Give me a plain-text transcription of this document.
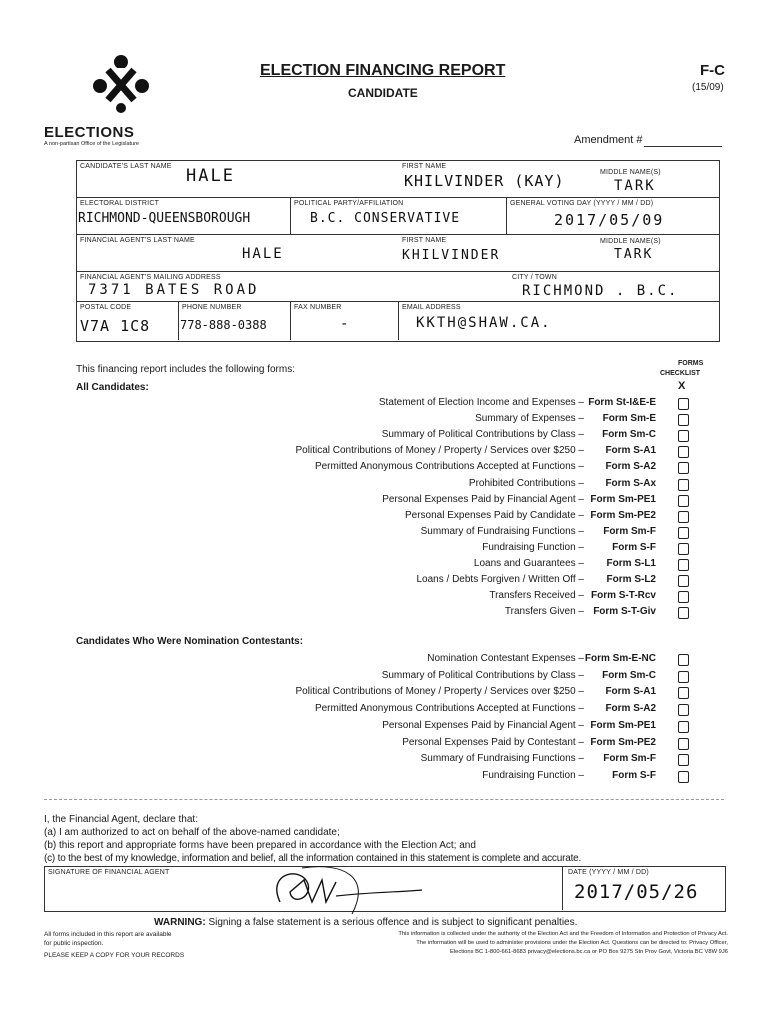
ELECTIONS
A non-partisan Office of the Legislature
ELECTION FINANCING REPORT
CANDIDATE
F-C
(15/09)
Amendment #
CANDIDATE'S LAST NAME HALE	FIRST NAME
KHILVINDER (KAY)	MIDDLE NAME(S)
TARK
ELECTORAL DISTRICT
RICHMOND-QUEENSBOROUGH
POLITICAL PARTY/AFFILIATION
B.C. CONSERVATIVE
GENERAL VOTING DAY (YYYY / MM / DD)
2017/05/09
FINANCIAL AGENT'S LAST NAME
HALE
FIRST NAME
KHILVINDER
MIDDLE NAME(S)
TARK
FINANCIAL AGENT'S MAILING ADDRESS
7371 BATES ROAD
CITY / TOWN
RICHMOND . B.C.
POSTAL CODE
V7A 1C8
PHONE NUMBER
778-888-0388
FAX NUMBER
-
EMAIL ADDRESS
KKTH@SHAW.CA.
This financing report includes the following forms:
FORMS
CHECKLIST
X
All Candidates:
Statement of Election Income and Expenses – Form St-I&E-E
Summary of Expenses –	Form Sm-E
Summary of Political Contributions by Class –	Form Sm-C
Political Contributions of Money / Property / Services over $250 –	Form S-A1
Permitted Anonymous Contributions Accepted at Functions –	Form S-A2
Prohibited Contributions –	Form S-Ax
Personal Expenses Paid by Financial Agent – Form Sm-PE1
Personal Expenses Paid by Candidate – Form Sm-PE2
Summary of Fundraising Functions –	Form Sm-F
Fundraising Function –	Form S-F
Loans and Guarantees –	Form S-L1
Loans / Debts Forgiven / Written Off –	Form S-L2
Transfers Received – Form S-T-Rcv
Transfers Given – Form S-T-Giv
Candidates Who Were Nomination Contestants:
Nomination Contestant Expenses – Form Sm-E-NC
Summary of Political Contributions by Class –	Form Sm-C
Political Contributions of Money / Property / Services over $250 –	Form S-A1
Permitted Anonymous Contributions Accepted at Functions –	Form S-A2
Personal Expenses Paid by Financial Agent – Form Sm-PE1
Personal Expenses Paid by Contestant – Form Sm-PE2
Summary of Fundraising Functions –	Form Sm-F
Fundraising Function –	Form S-F
I, the Financial Agent, declare that:
(a) I am authorized to act on behalf of the above-named candidate;
(b) this report and appropriate forms have been prepared in accordance with the Election Act; and
(c) to the best of my knowledge, information and belief, all the information contained in this statement is complete and accurate.
SIGNATURE OF FINANCIAL AGENT	DATE (YYYY / MM / DD)
2017/05/26
WARNING: Signing a false statement is a serious offence and is subject to significant penalties.
All forms included in this report are available
for public inspection.
PLEASE KEEP A COPY FOR YOUR RECORDS
This information is collected under the authority of the Election Act and the Freedom of Information and Protection of Privacy Act.
The information will be used to administer provisions under the Election Act. Questions can be directed to: Privacy Officer,
Elections BC 1-800-661-8683 privacy@elections.bc.ca or PO Box 9275 Stn Prov Govt, Victoria BC V8W 9J6
